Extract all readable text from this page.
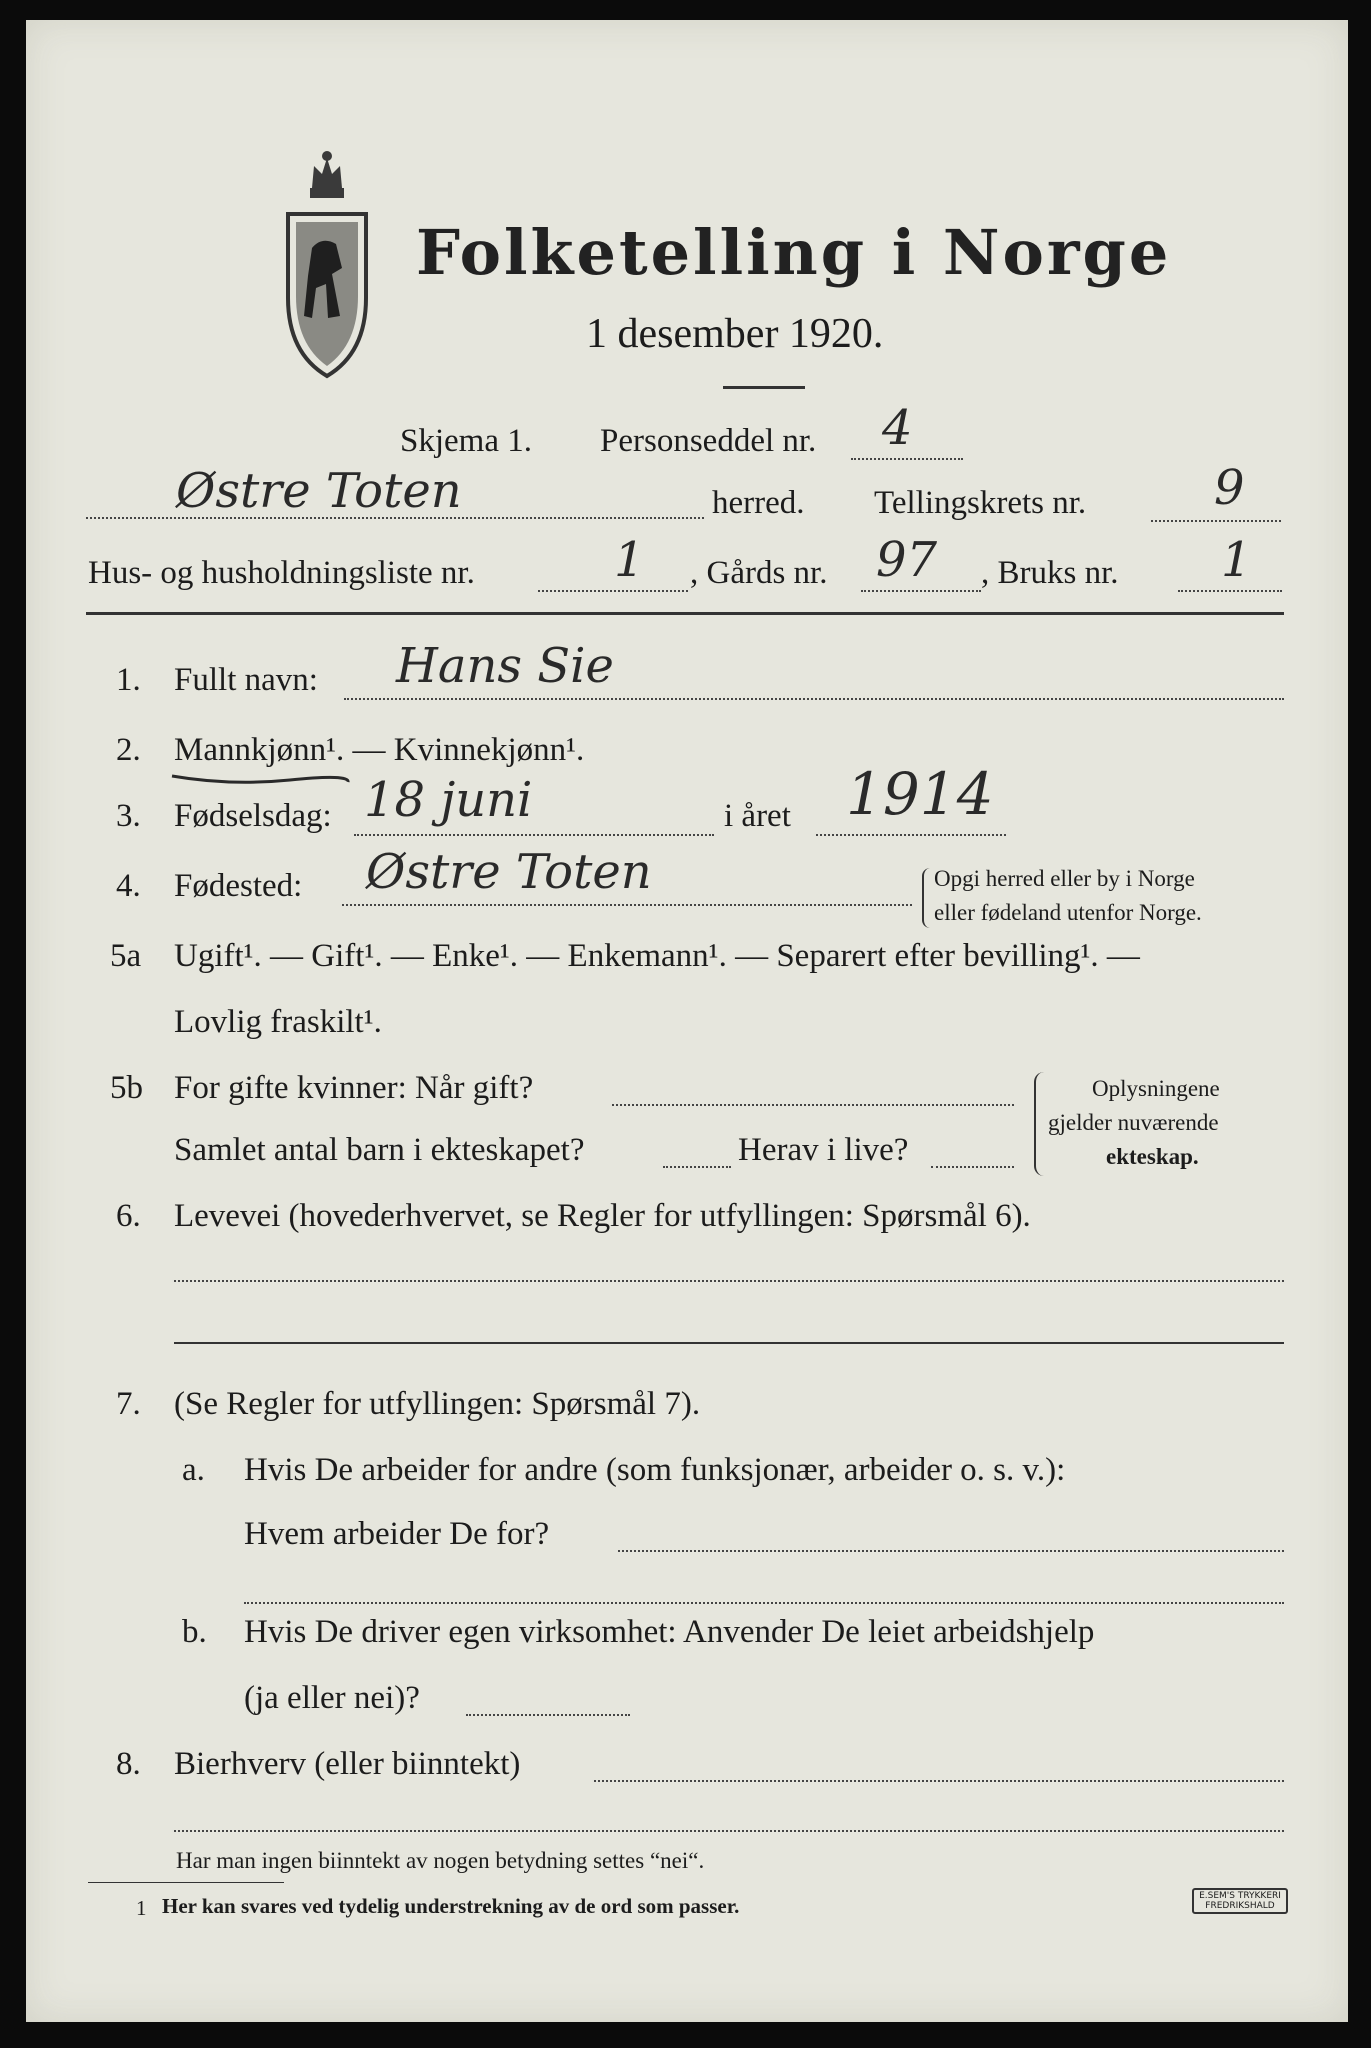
Folketelling i Norge
1 desember 1920.
Skjema 1. Personseddel nr. 4
Østre Toten	herred. Tellingskrets nr.	9
Hus- og husholdningsliste nr.	1 , Gårds nr. 97 , Bruks nr. 1
1. Fullt navn: Hans Sie
2. Mannkjønn¹. — Kvinnekjønn¹.
3. Fødselsdag: 18 juni	i året 1914
4. Fødested: Østre Toten	Opgi herred eller by i Norge
eller fødeland utenfor Norge.
5a Ugift¹. — Gift¹. — Enke¹. — Enkemann¹. — Separert efter bevilling¹. —
Lovlig fraskilt¹.
5b For gifte kvinner: Når gift?
Samlet antal barn i ekteskapet?	Herav i live?
Oplysningene
gjelder nuværende
ekteskap.
6. Levevei (hovederhvervet, se Regler for utfyllingen: Spørsmål 6).
7. (Se Regler for utfyllingen: Spørsmål 7).
a. Hvis De arbeider for andre (som funksjonær, arbeider o. s. v.):
Hvem arbeider De for?
b. Hvis De driver egen virksomhet: Anvender De leiet arbeidshjelp
(ja eller nei)?
8. Bierhverv (eller biinntekt)
Har man ingen biinntekt av nogen betydning settes “nei“.
1 Her kan svares ved tydelig understrekning av de ord som passer.	E.SEM'S TRYKKERI
FREDRIKSHALD
